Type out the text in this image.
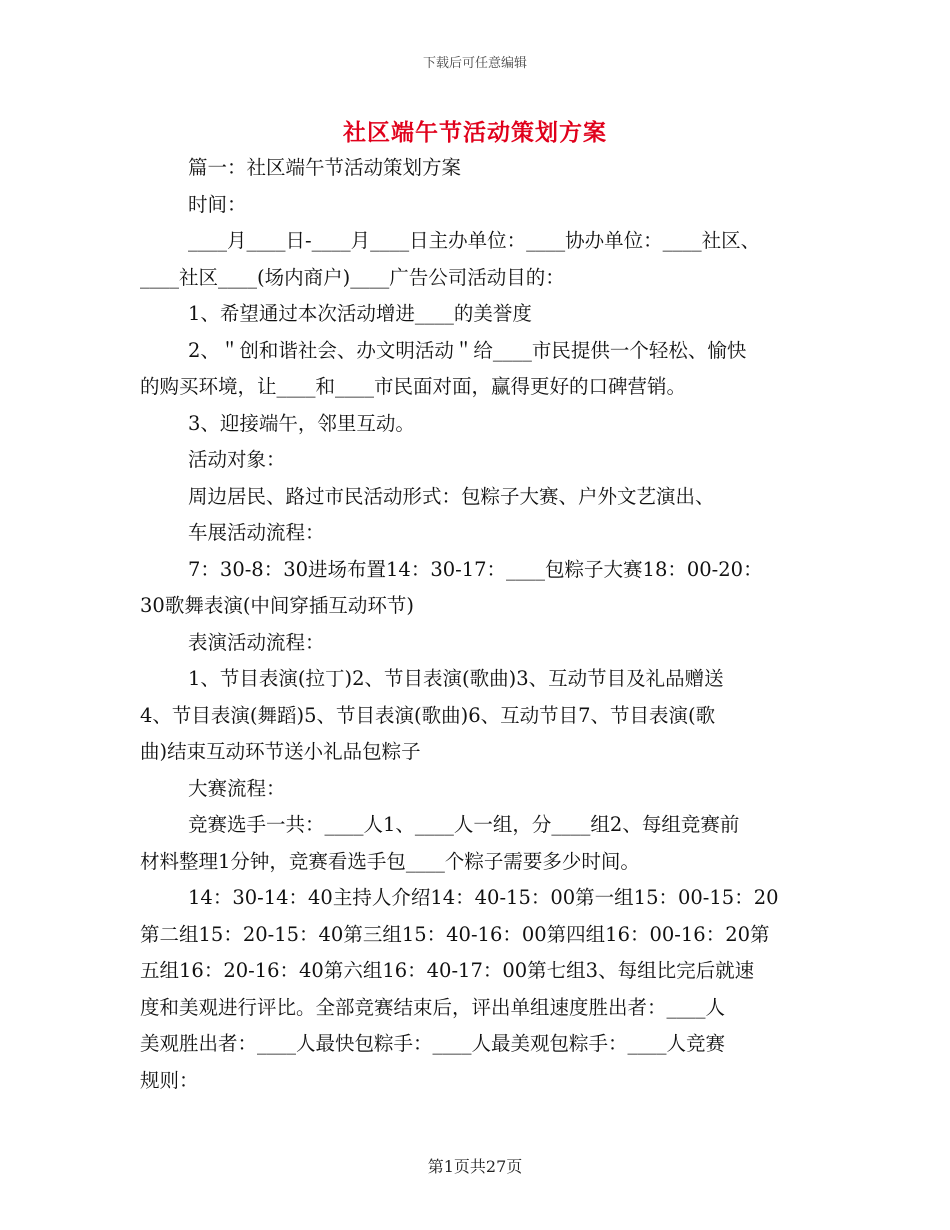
下载后可任意编辑
社区端午节活动策划方案
篇一：社区端午节活动策划方案
时间：
____月____日-____月____日主办单位：____协办单位：____社区、
____社区____(场内商户)____广告公司活动目的：
1、希望通过本次活动增进____的美誉度
2、＂创和谐社会、办文明活动＂给____市民提供一个轻松、愉快
的购买环境，让____和____市民面对面，赢得更好的口碑营销。
3、迎接端午，邻里互动。
活动对象：
周边居民、路过市民活动形式：包粽子大赛、户外文艺演出、
车展活动流程：
7：30-8：30进场布置14：30-17：____包粽子大赛18：00-20：
30歌舞表演(中间穿插互动环节)
表演活动流程：
1、节目表演(拉丁)2、节目表演(歌曲)3、互动节目及礼品赠送
4、节目表演(舞蹈)5、节目表演(歌曲)6、互动节目7、节目表演(歌
曲)结束互动环节送小礼品包粽子
大赛流程：
竞赛选手一共：____人1、____人一组，分____组2、每组竞赛前
材料整理1分钟，竞赛看选手包____个粽子需要多少时间。
14：30-14：40主持人介绍14：40-15：00第一组15：00-15：20
第二组15：20-15：40第三组15：40-16：00第四组16：00-16：20第
五组16：20-16：40第六组16：40-17：00第七组3、每组比完后就速
度和美观进行评比。全部竞赛结束后，评出单组速度胜出者：____人
美观胜出者：____人最快包粽手：____人最美观包粽手：____人竞赛
规则：
第1页共27页
